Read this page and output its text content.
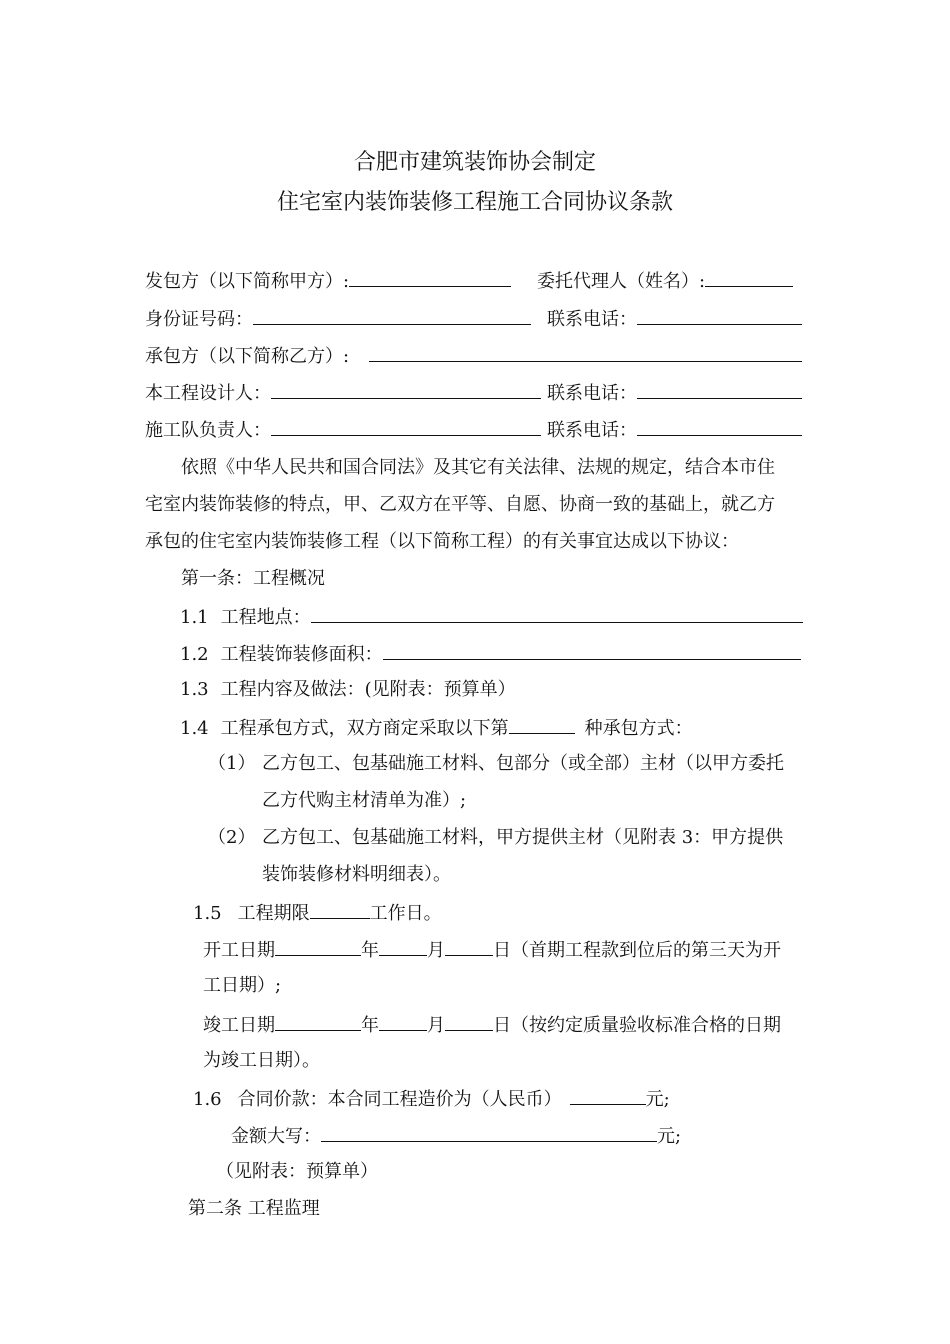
合肥市建筑装饰协会制定
住宅室内装饰装修工程施工合同协议条款
发包方（以下简称甲方）:	委托代理人（姓名）:
身份证号码：	联系电话：
承包方（以下简称乙方）:
本工程设计人：	联系电话：
施工队负责人：	联系电话：
依照《中华人民共和国合同法》及其它有关法律、法规的规定，结合本市住
宅室内装饰装修的特点，甲、乙双方在平等、自愿、协商一致的基础上，就乙方
承包的住宅室内装饰装修工程（以下简称工程）的有关事宜达成以下协议：
第一条：工程概况
1.1 工程地点：
1.2 工程装饰装修面积：
1.3 工程内容及做法：(见附表：预算单）
1.4 工程承包方式，双方商定采取以下第	种承包方式：
（1） 乙方包工、包基础施工材料、包部分（或全部）主材（以甲方委托
乙方代购主材清单为准）;
（2） 乙方包工、包基础施工材料，甲方提供主材（见附表 3：甲方提供
装饰装修材料明细表）。
1.5 工程期限	工作日。
开工日期	年	月	日（首期工程款到位后的第三天为开
工日期）;
竣工日期	年	月	日（按约定质量验收标准合格的日期
为竣工日期）。
1.6 合同价款：本合同工程造价为（人民币）	元;
金额大写：	元;
（见附表：预算单）
第二条 工程监理
